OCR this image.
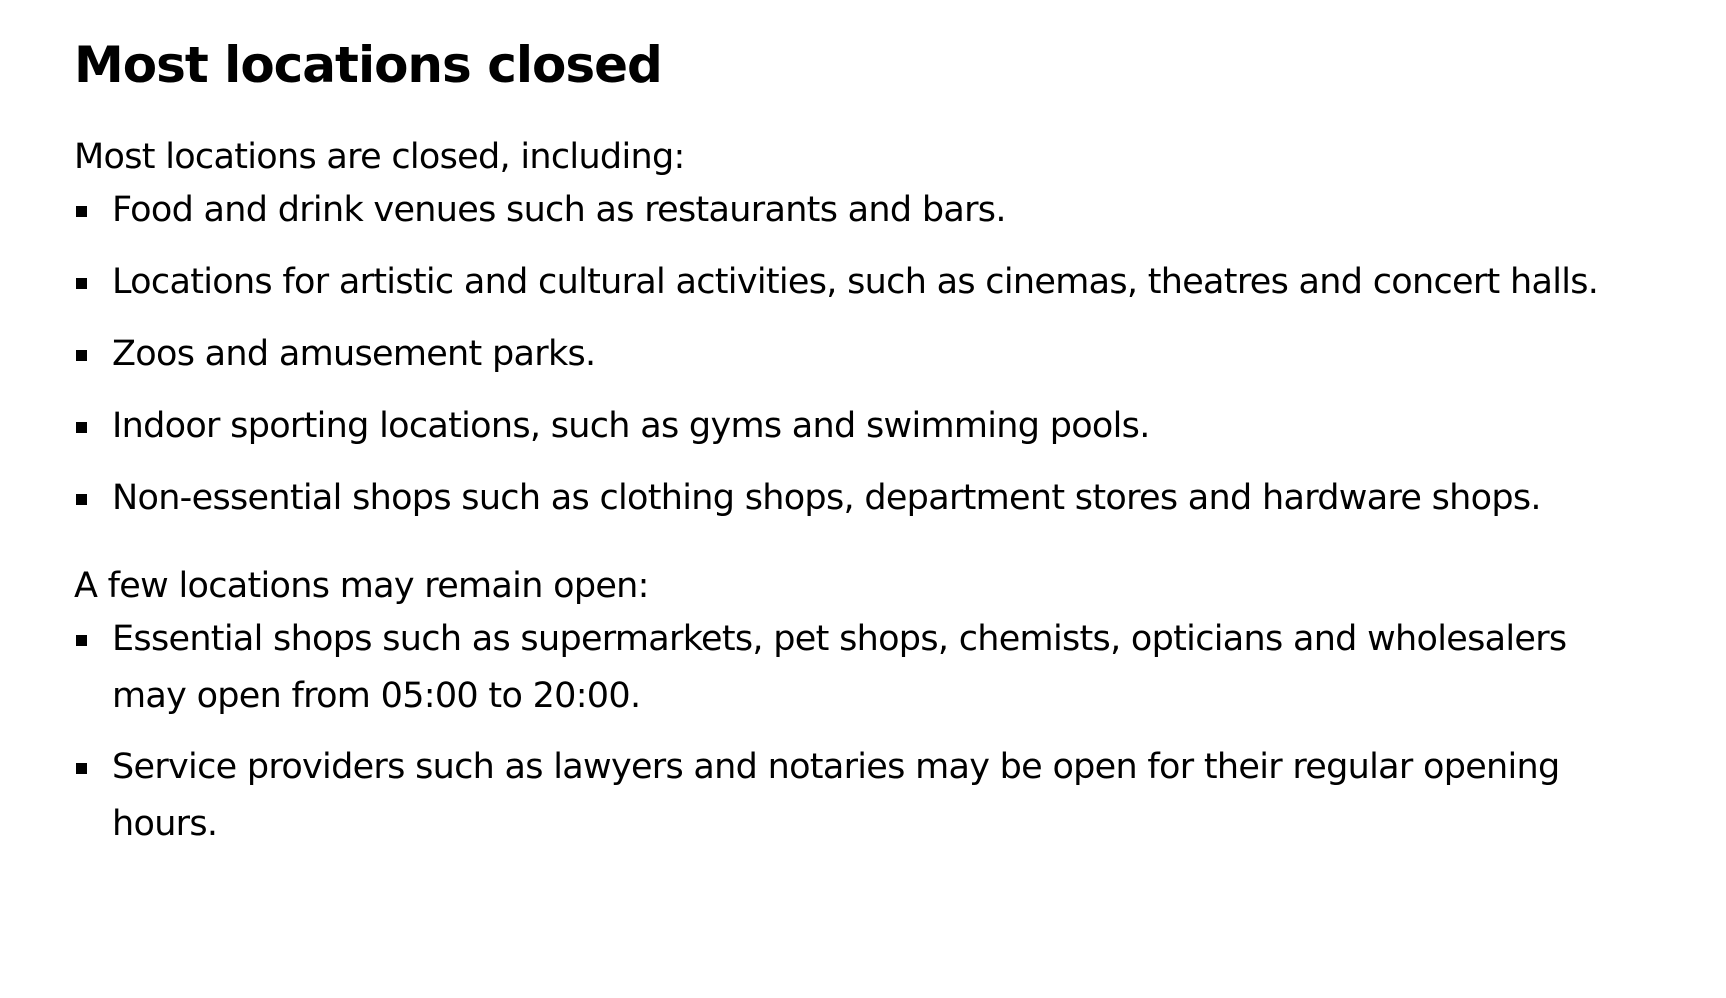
Most locations closed

Most locations are closed, including:

Food and drink venues such as restaurants and bars.
Locations for artistic and cultural activities, such as cinemas, theatres and concert halls.
Zoos and amusement parks.
Indoor sporting locations, such as gyms and swimming pools.
Non-essential shops such as clothing shops, department stores and hardware shops.

A few locations may remain open:

Essential shops such as supermarkets, pet shops, chemists, opticians and wholesalers may open from 05:00 to 20:00.
Service providers such as lawyers and notaries may be open for their regular opening hours.
